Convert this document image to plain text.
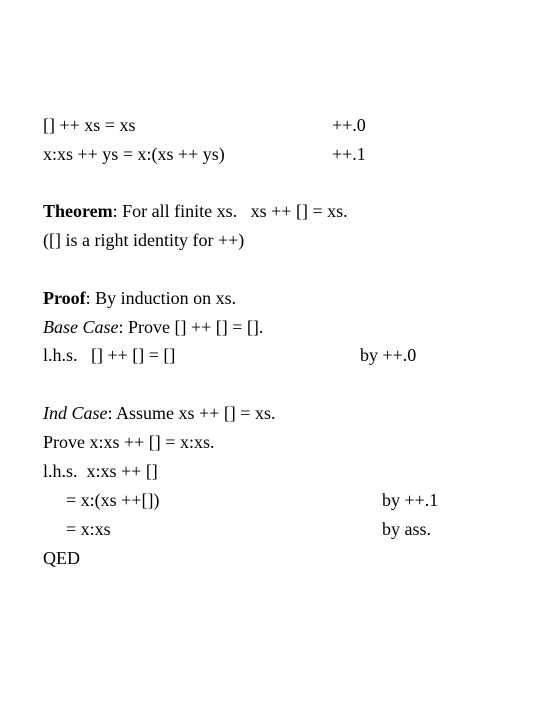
[] ++ xs = xs	++.0
x:xs ++ ys = x:(xs ++ ys)	++.1
Theorem: For all finite xs.   xs ++ [] = xs.
([] is a right identity for ++)
Proof: By induction on xs.
Base Case: Prove [] ++ [] = [].
l.h.s.   [] ++ [] = []	by ++.0
Ind Case: Assume xs ++ [] = xs.
Prove x:xs ++ [] = x:xs.
l.h.s.  x:xs ++ []
= x:(xs ++[])	by ++.1
= x:xs	by ass.
QED
